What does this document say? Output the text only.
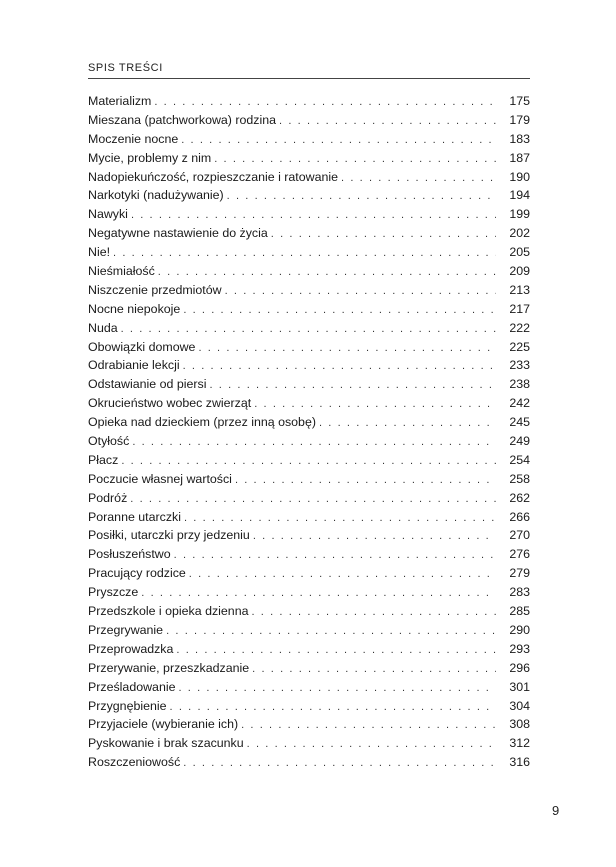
SPIS TREŚCI
Materializm . . .	175
Mieszana (patchworkowa) rodzina . . .	179
Moczenie nocne . . .	183
Mycie, problemy z nim . . .	187
Nadopiekuńczość, rozpieszczanie i ratowanie . . .	190
Narkotyki (nadużywanie) . . .	194
Nawyki . . .	199
Negatywne nastawienie do życia . . .	202
Nie! . . .	205
Nieśmiałość . . .	209
Niszczenie przedmiotów . . .	213
Nocne niepokoje . . .	217
Nuda . . .	222
Obowiązki domowe . . .	225
Odrabianie lekcji . . .	233
Odstawianie od piersi . . .	238
Okrucieństwo wobec zwierząt . . .	242
Opieka nad dzieckiem (przez inną osobę) . . .	245
Otyłość . . .	249
Płacz . . .	254
Poczucie własnej wartości . . .	258
Podróż . . .	262
Poranne utarczki . . .	266
Posiłki, utarczki przy jedzeniu . . .	270
Posłuszeństwo . . .	276
Pracujący rodzice . . .	279
Pryszcze . . .	283
Przedszkole i opieka dzienna . . .	285
Przegrywanie . . .	290
Przeprowadzka . . .	293
Przerywanie, przeszkadzanie . . .	296
Prześladowanie . . .	301
Przygnębienie . . .	304
Przyjaciele (wybieranie ich) . . .	308
Pyskowanie i brak szacunku . . .	312
Roszczeniowość . . .	316
9
